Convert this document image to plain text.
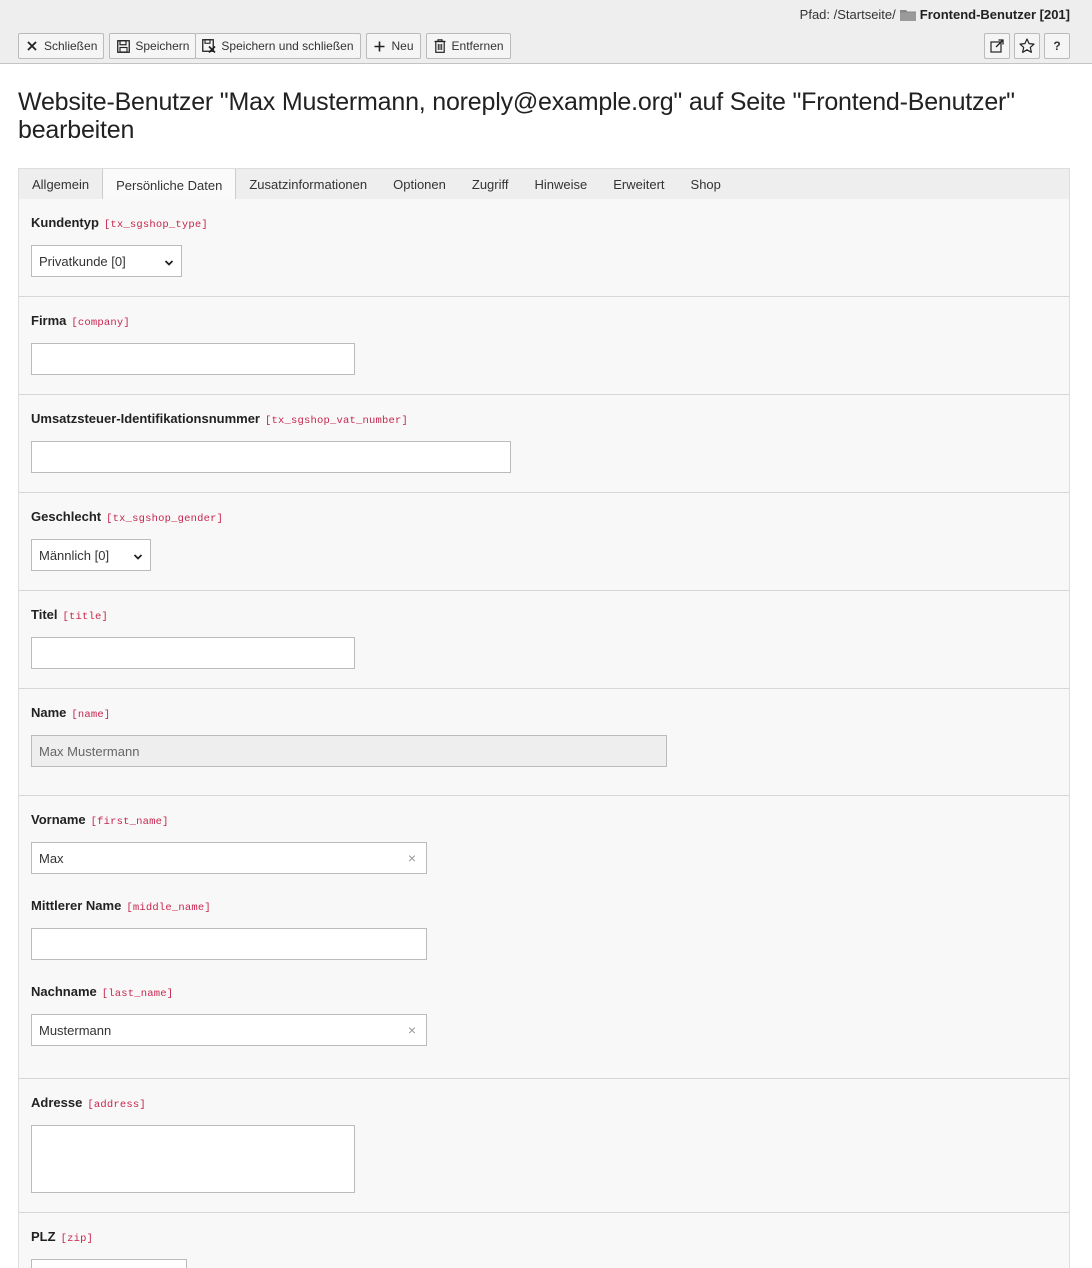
Pfad: /Startseite/ Frontend-Benutzer [201]
Schließen	Speichern	Speichern und schließen	Neu	Entfernen	?
Website-Benutzer "Max Mustermann, noreply@example.org" auf Seite "Frontend-Benutzer" bearbeiten
Allgemein	Persönliche Daten	Zusatzinformationen	Optionen	Zugriff	Hinweise	Erweitert	Shop
Kundentyp [tx_sgshop_type]
Privatkunde [0]
Firma [company]
Umsatzsteuer-Identifikationsnummer [tx_sgshop_vat_number]
Geschlecht [tx_sgshop_gender]
Männlich [0]
Titel [title]
Name [name]
Max Mustermann
Vorname [first_name]
Max	×
Mittlerer Name [middle_name]
Nachname [last_name]
Mustermann	×
Adresse [address]
PLZ [zip]
